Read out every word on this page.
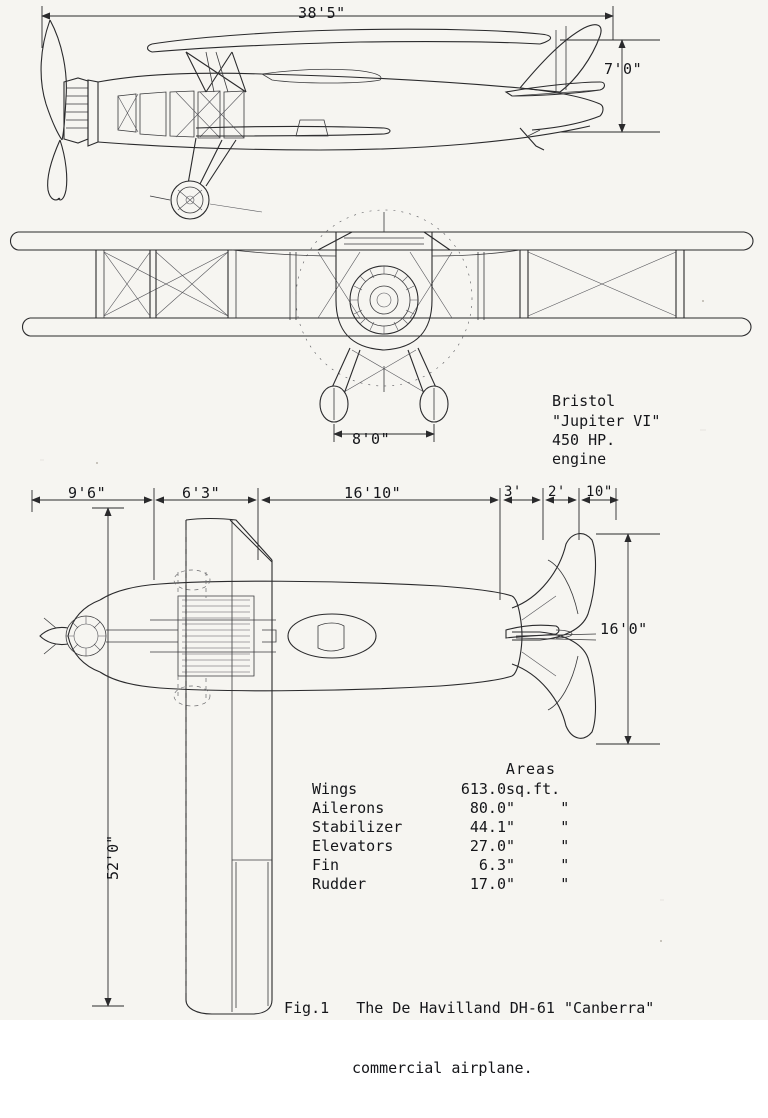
38'5"
7'0"
8'0"
Bristol
"Jupiter VI"
450 HP.
engine
9'6"	6'3"	16'10"	3' 2' 10"
16'0"
52'0"
Areas
Wings	613.0	sq.ft.	
Ailerons	80.0	"	"
Stabilizer	44.1	"	"
Elevators	27.0	"	"
Fin	6.3	"	"
Rudder	17.0	"	"

Fig.1   The De Havilland DH-61 "Canberra"

commercial airplane.
